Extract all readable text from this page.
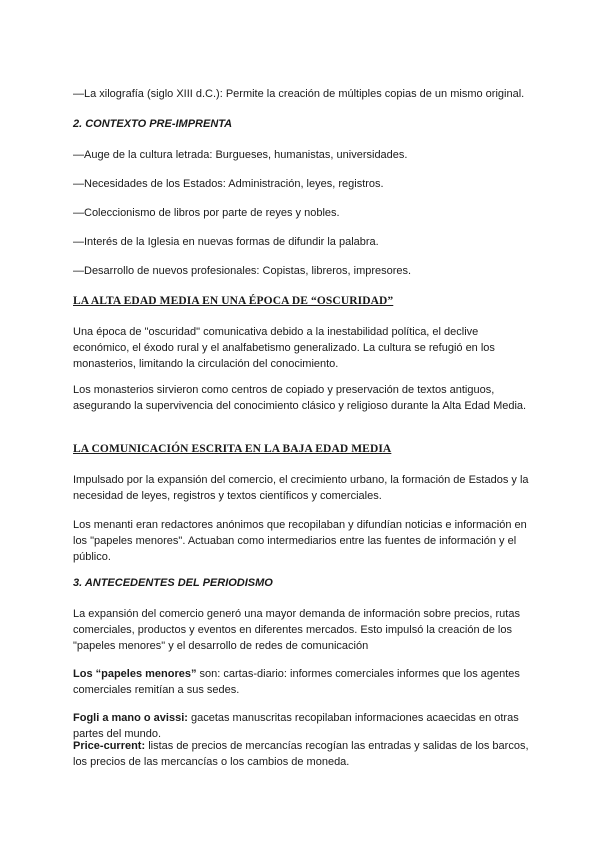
—La xilografía (siglo XIII d.C.): Permite la creación de múltiples copias de un mismo original.

2. CONTEXTO PRE-IMPRENTA

—Auge de la cultura letrada: Burgueses, humanistas, universidades.

—Necesidades de los Estados: Administración, leyes, registros.

—Coleccionismo de libros por parte de reyes y nobles.

—Interés de la Iglesia en nuevas formas de difundir la palabra.

—Desarrollo de nuevos profesionales: Copistas, libreros, impresores.

LA ALTA EDAD MEDIA EN UNA ÉPOCA DE “OSCURIDAD”

Una época de "oscuridad" comunicativa debido a la inestabilidad política, el declive económico, el éxodo rural y el analfabetismo generalizado. La cultura se refugió en los monasterios, limitando la circulación del conocimiento.

Los monasterios sirvieron como centros de copiado y preservación de textos antiguos, asegurando la supervivencia del conocimiento clásico y religioso durante la Alta Edad Media.

LA COMUNICACIÓN ESCRITA EN LA BAJA EDAD MEDIA

Impulsado por la expansión del comercio, el crecimiento urbano, la formación de Estados y la necesidad de leyes, registros y textos científicos y comerciales.

Los menanti eran redactores anónimos que recopilaban y difundían noticias e información en los "papeles menores". Actuaban como intermediarios entre las fuentes de información y el público.

3. ANTECEDENTES DEL PERIODISMO

La expansión del comercio generó una mayor demanda de información sobre precios, rutas comerciales, productos y eventos en diferentes mercados. Esto impulsó la creación de los "papeles menores" y el desarrollo de redes de comunicación

Los “papeles menores” son: cartas-diario: informes comerciales informes que los agentes comerciales remitían a sus sedes.

Fogli a mano o avissi: gacetas manuscritas recopilaban informaciones acaecidas en otras partes del mundo.

Price-current: listas de precios de mercancías recogían las entradas y salidas de los barcos, los precios de las mercancías o los cambios de moneda.
